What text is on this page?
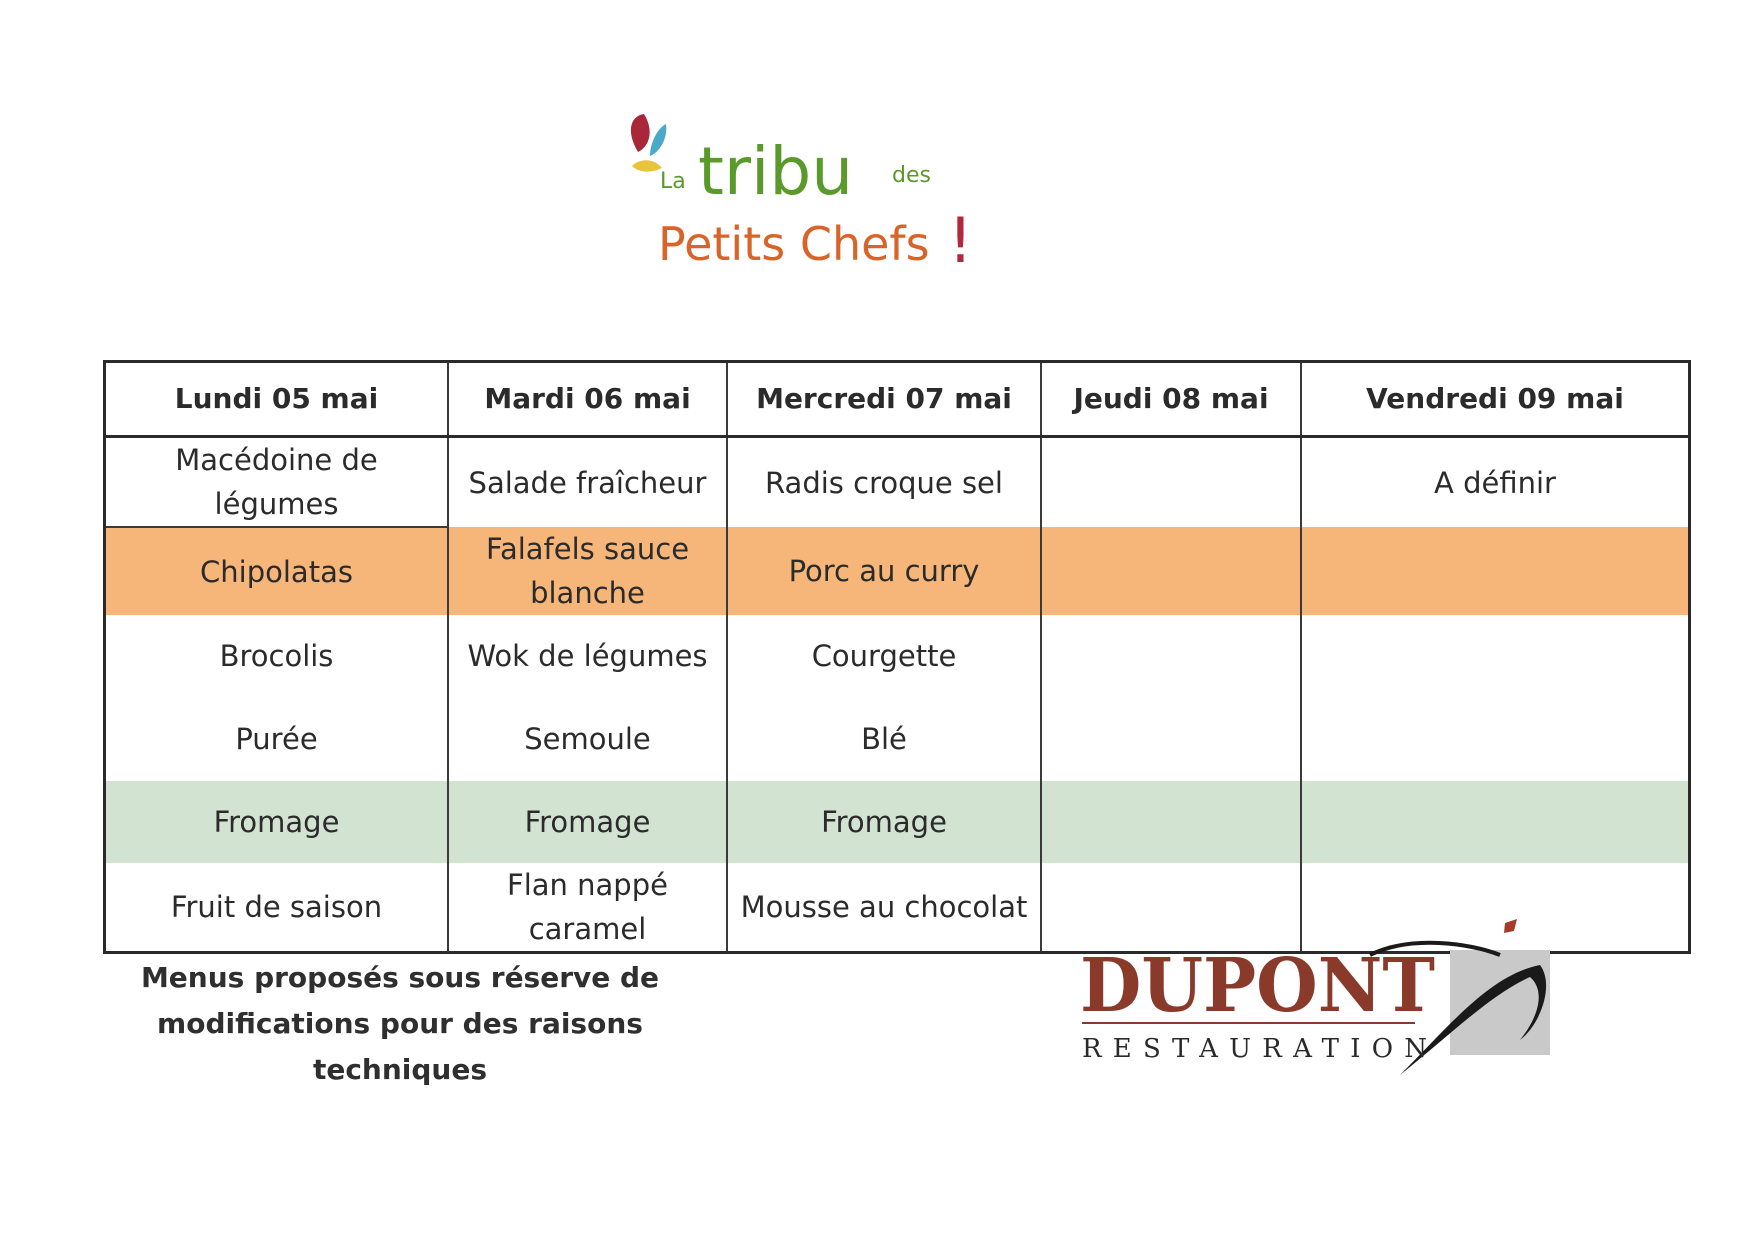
La tribu des
Petits Chefs !
Lundi 05 mai	Mardi 06 mai	Mercredi 07 mai	Jeudi 08 mai	Vendredi 09 mai
Macédoine de légumes	Salade fraîcheur	Radis croque sel		A définir
Chipolatas	Falafels sauce blanche	Porc au curry		
Brocolis	Wok de légumes	Courgette		
Purée	Semoule	Blé		
Fromage	Fromage	Fromage		
Fruit de saison	Flan nappé caramel	Mousse au chocolat		
Menus proposés sous réserve de
modifications pour des raisons techniques
DUPONT
RESTAURATION
